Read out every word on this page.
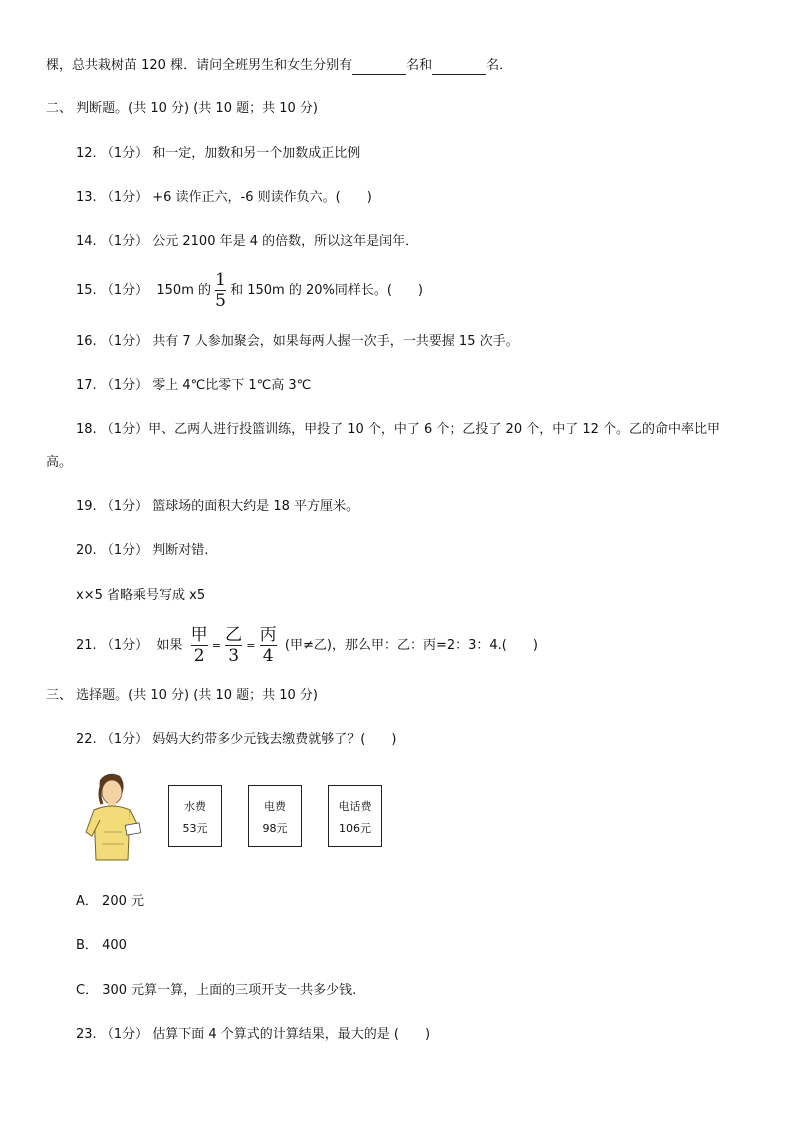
棵，总共栽树苗 120 棵．请问全班男生和女生分别有	名和	名．
二、 判断题。(共 10 分) (共 10 题；共 10 分)
12. （1分） 和一定，加数和另一个加数成正比例
13. （1分） +6 读作正六，-6 则读作负六。(　　)
14. （1分） 公元 2100 年是 4 的倍数，所以这年是闰年．
15. （1分） 150m 的 $\frac{1}{5}$ 和 150m 的 20%同样长。(　　)
16. （1分） 共有 7 人参加聚会，如果每两人握一次手，一共要握 15 次手。
17. （1分） 零上 4℃比零下 1℃高 3℃
18. （1分）甲、乙两人进行投篮训练，甲投了 10 个，中了 6 个；乙投了 20 个，中了 12 个。乙的命中率比甲
高。
19. （1分） 篮球场的面积大约是 18 平方厘米。
20. （1分） 判断对错.
x×5 省略乘号写成 x5
21. （1分） 如果 $\frac{\text{甲}}{2} = \frac{\text{乙}}{3} = \frac{\text{丙}}{4}$ (甲≠乙)，那么甲：乙：丙=2：3：4.(　　)
三、 选择题。(共 10 分) (共 10 题；共 10 分)
22. （1分） 妈妈大约带多少元钱去缴费就够了？(　　)
水费
53元
电费
98元
电话费
106元
A． 200 元
B． 400
C． 300 元算一算，上面的三项开支一共多少钱.
23. （1分） 估算下面 4 个算式的计算结果，最大的是 (　　)
